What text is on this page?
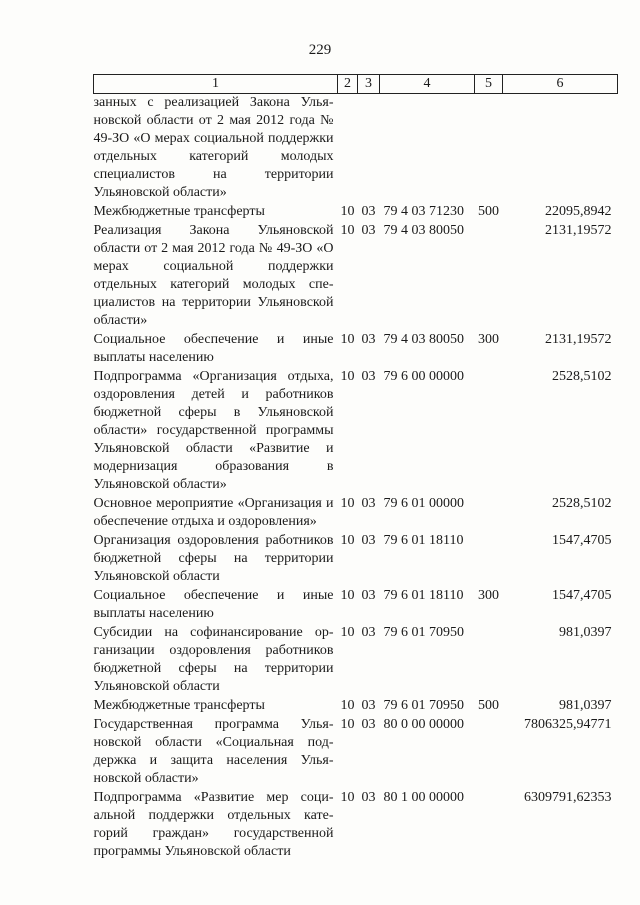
229
1	2	3	4	5	6
занных с реализацией Закона Ульяновской области от 2 мая 2012 года № 49-ЗО «О мерах социальной поддержки отдельных категорий молодых специалистов на территории Ульяновской области»					
Межбюджетные трансферты	10	03	79 4 03 71230	500	22095,8942
Реализация Закона Ульяновской области от 2 мая 2012 года № 49-ЗО «О мерах социальной поддержки отдельных категорий молодых специалистов на территории Ульяновской области»	10	03	79 4 03 80050		2131,19572
Социальное обеспечение и иные выплаты населению	10	03	79 4 03 80050	300	2131,19572
Подпрограмма «Организация отдыха, оздоровления детей и работников бюджетной сферы в Ульяновской области» государственной программы Ульяновской области «Развитие и модернизация образования в Ульяновской области»	10	03	79 6 00 00000		2528,5102
Основное мероприятие «Организация и обеспечение отдыха и оздоровления»	10	03	79 6 01 00000		2528,5102
Организация оздоровления работников бюджетной сферы на территории Ульяновской области	10	03	79 6 01 18110		1547,4705
Социальное обеспечение и иные выплаты населению	10	03	79 6 01 18110	300	1547,4705
Субсидии на софинансирование организации оздоровления работников бюджетной сферы на территории Ульяновской области	10	03	79 6 01 70950		981,0397
Межбюджетные трансферты	10	03	79 6 01 70950	500	981,0397
Государственная программа Ульяновской области «Социальная поддержка и защита населения Ульяновской области»	10	03	80 0 00 00000		7806325,94771
Подпрограмма «Развитие мер социальной поддержки отдельных категорий граждан» государственной программы Ульяновской области	10	03	80 1 00 00000		6309791,62353
